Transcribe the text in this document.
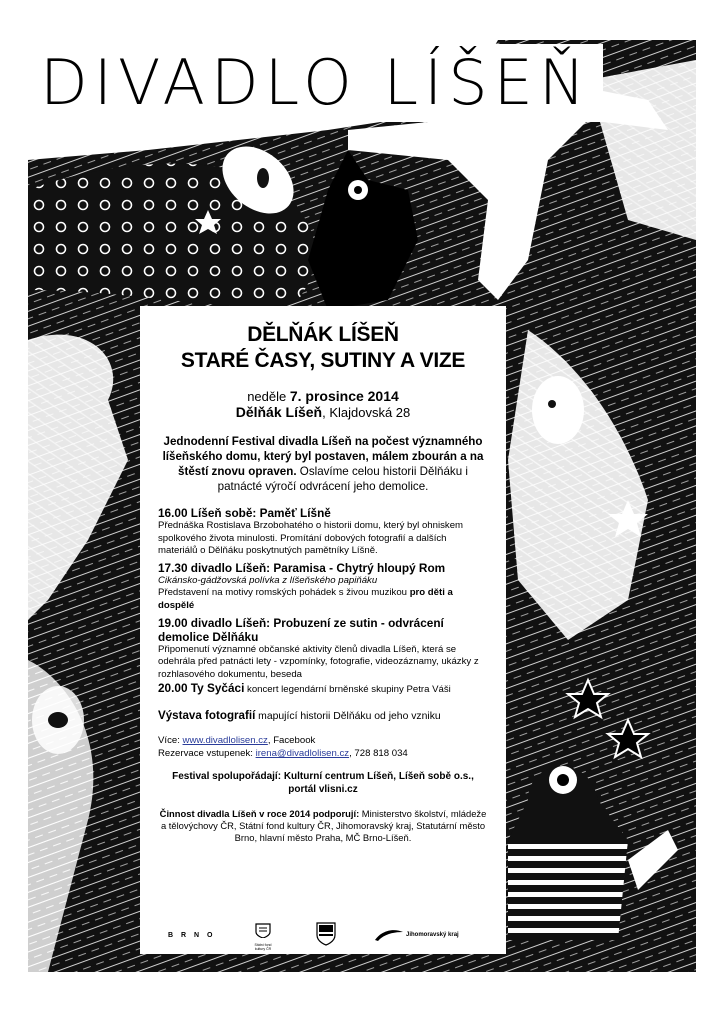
DIVADLO LÍŠEŇ
DĚLŇÁK LÍŠEŇ
STARÉ ČASY, SUTINY A VIZE
neděle 7. prosince 2014
Dělňák Líšeň, Klajdovská 28
Jednodenní Festival divadla Líšeň na počest významného líšeňského domu, který byl postaven, málem zbourán a na štěstí znovu opraven. Oslavíme celou historii Dělňáku i patnácté výročí odvrácení jeho demolice.
16.00 Líšeň sobě: Paměť Líšně
Přednáška Rostislava Brzobohatého o historii domu, který byl ohniskem spolkového života minulosti. Promítání dobových fotografií a dalších materiálů o Dělňáku poskytnutých pamětníky Líšně.
17.30 divadlo Líšeň: Paramisa - Chytrý hloupý Rom
Cikánsko-gádžovská polívka z líšeňského papiňáku
Představení na motivy romských pohádek s živou muzikou pro děti a dospělé
19.00 divadlo Líšeň: Probuzení ze sutin - odvrácení demolice Dělňáku
Připomenutí významné občanské aktivity členů divadla Líšeň, která se odehrála před patnácti lety - vzpomínky, fotografie, videozáznamy, ukázky z rozhlasového dokumentu, beseda
20.00 Ty Syčáci koncert legendární brněnské skupiny Petra Váši
Výstava fotografií mapující historii Dělňáku od jeho vzniku
Více: www.divadlolisen.cz, Facebook
Rezervace vstupenek: irena@divadlolisen.cz, 728 818 034
Festival spolupořádají: Kulturní centrum Líšeň, Líšeň sobě o.s., portál vlisni.cz
Činnost divadla Líšeň v roce 2014 podporují: Ministerstvo školství, mládeže a tělovýchovy ČR, Státní fond kultury ČR, Jihomoravský kraj, Statutární město Brno, hlavní město Praha, MČ Brno-Líšeň.
B R N O
Státní fond kultury ČR
Jihomoravský kraj
